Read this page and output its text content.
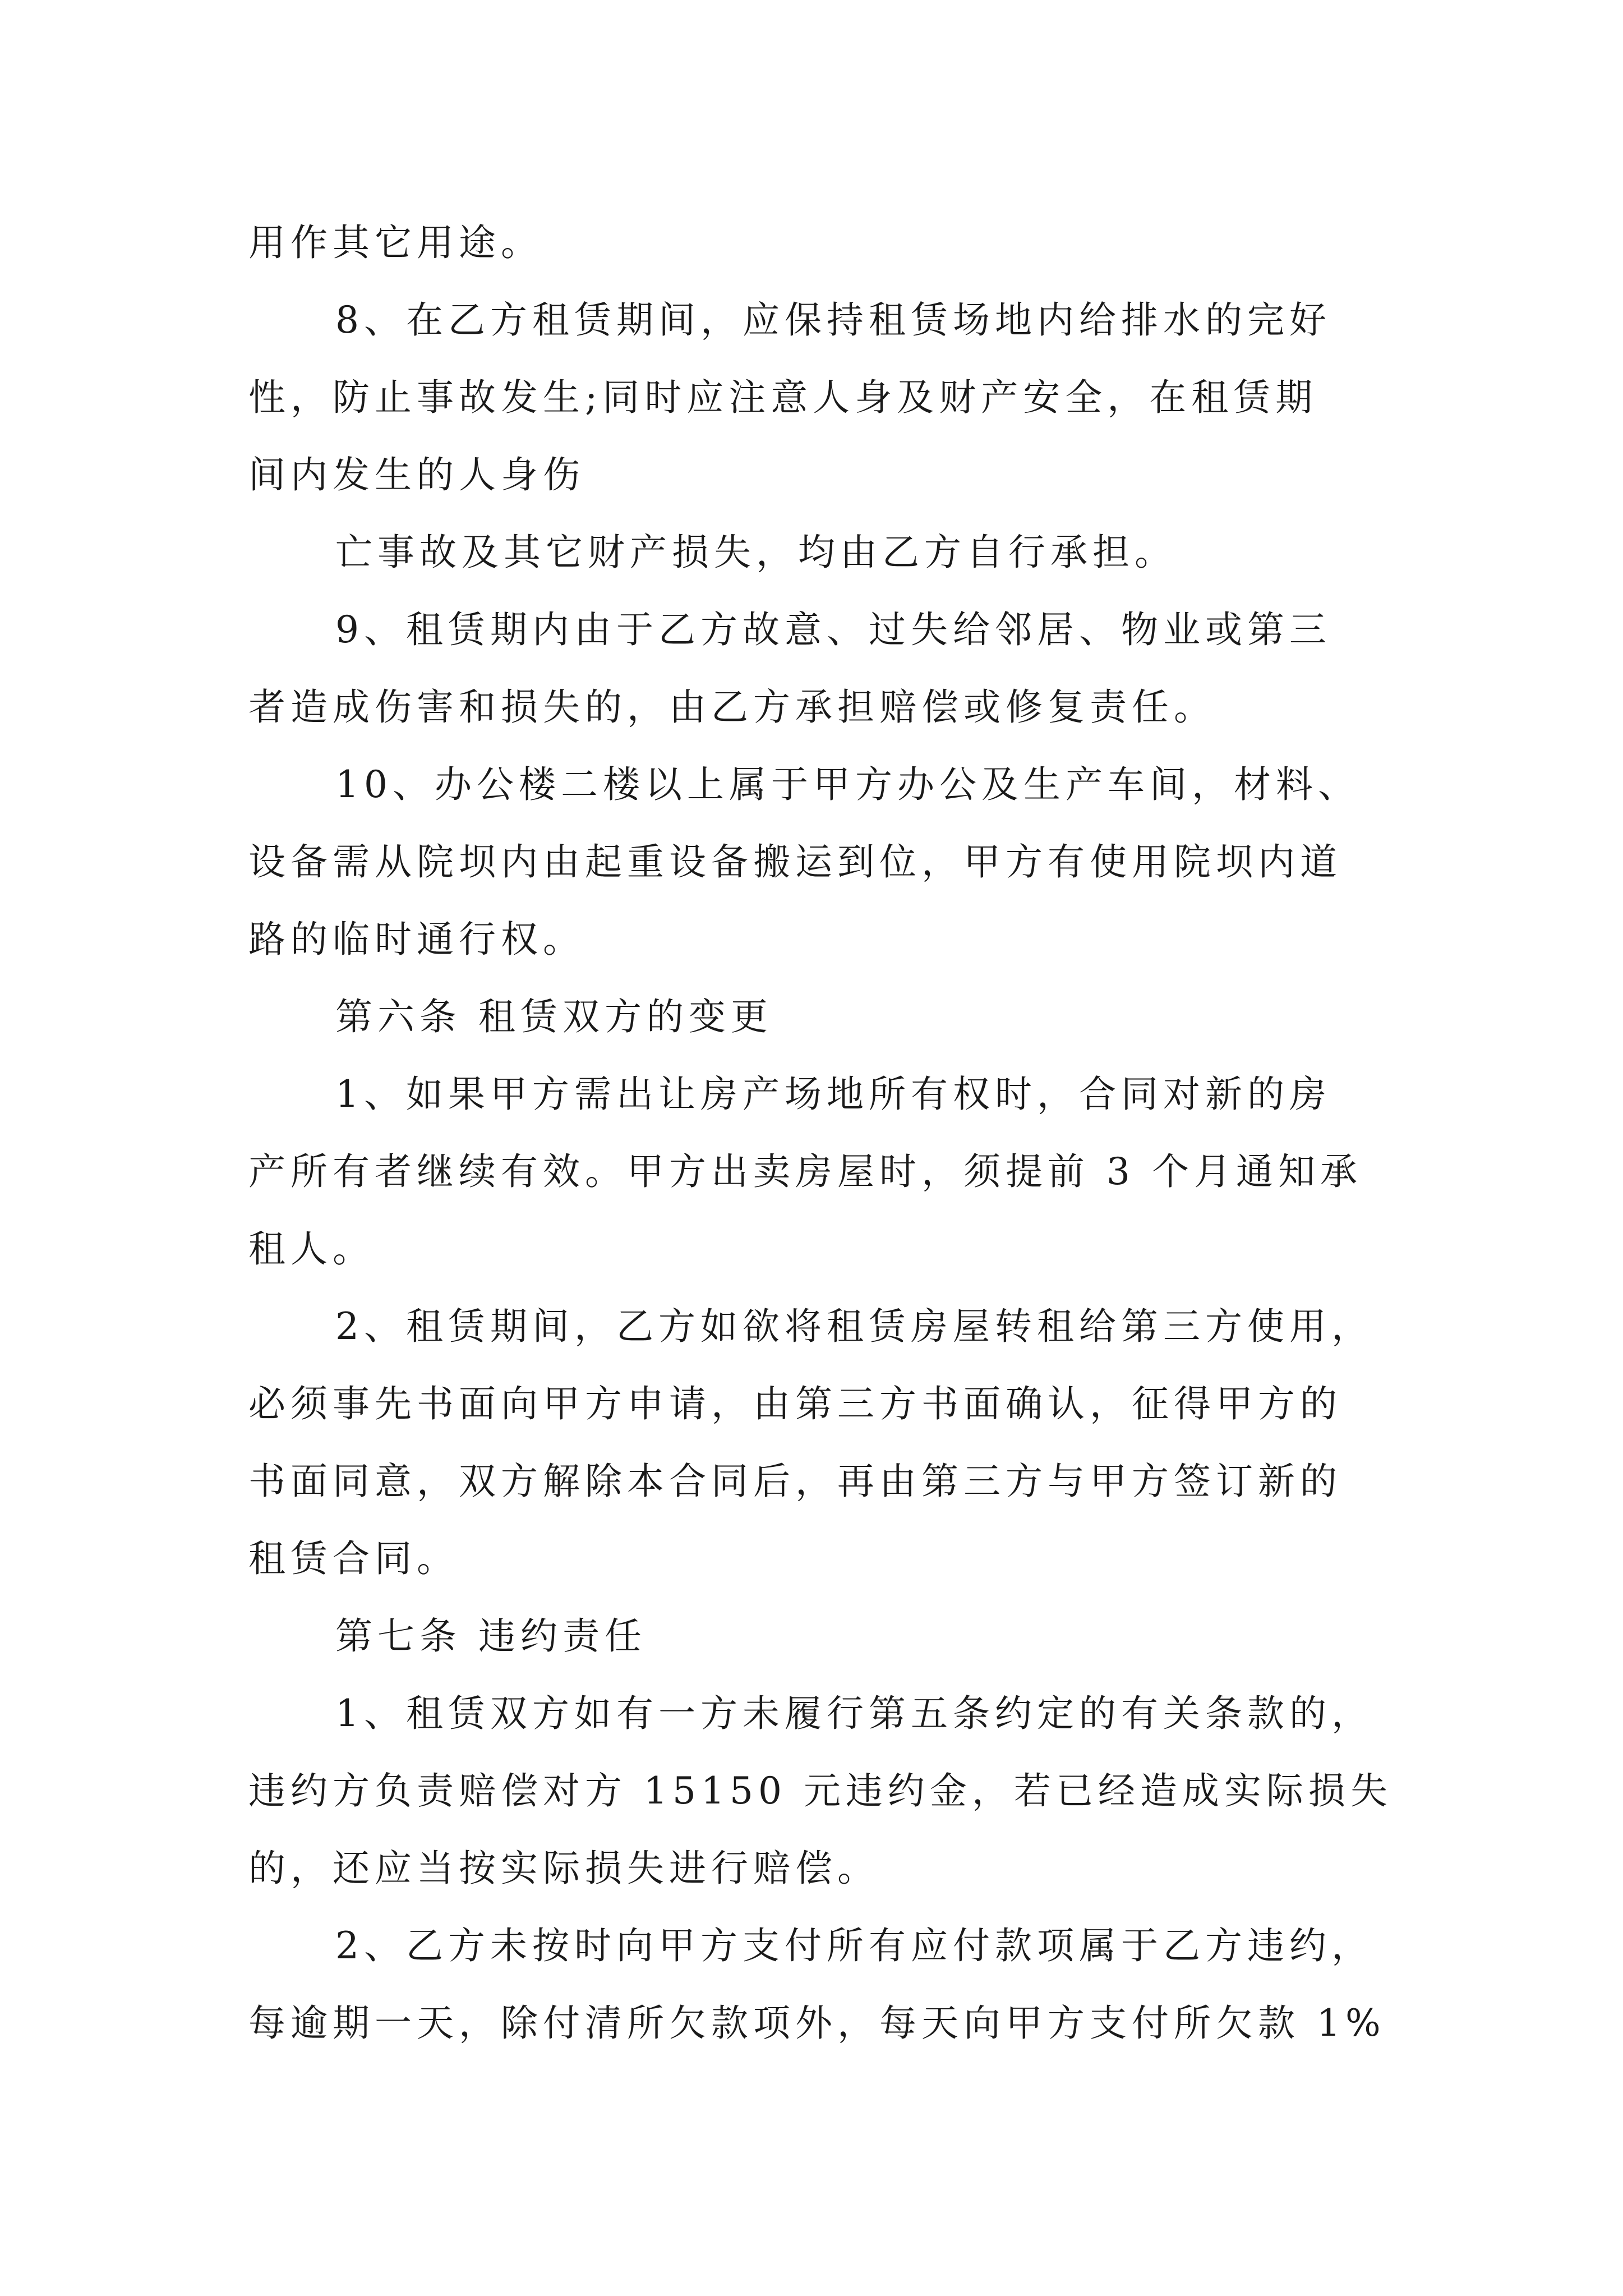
用作其它用途。

8、在乙方租赁期间，应保持租赁场地内给排水的完好

性，防止事故发生;同时应注意人身及财产安全，在租赁期

间内发生的人身伤

亡事故及其它财产损失，均由乙方自行承担。

9、租赁期内由于乙方故意、过失给邻居、物业或第三

者造成伤害和损失的，由乙方承担赔偿或修复责任。

10、办公楼二楼以上属于甲方办公及生产车间，材料、

设备需从院坝内由起重设备搬运到位，甲方有使用院坝内道

路的临时通行权。

第六条 租赁双方的变更

1、如果甲方需出让房产场地所有权时，合同对新的房

产所有者继续有效。甲方出卖房屋时，须提前 3 个月通知承

租人。

2、租赁期间，乙方如欲将租赁房屋转租给第三方使用，

必须事先书面向甲方申请，由第三方书面确认，征得甲方的

书面同意，双方解除本合同后，再由第三方与甲方签订新的

租赁合同。

第七条 违约责任

1、租赁双方如有一方未履行第五条约定的有关条款的，

违约方负责赔偿对方 15150 元违约金，若已经造成实际损失

的，还应当按实际损失进行赔偿。

2、乙方未按时向甲方支付所有应付款项属于乙方违约，

每逾期一天，除付清所欠款项外，每天向甲方支付所欠款 1%
